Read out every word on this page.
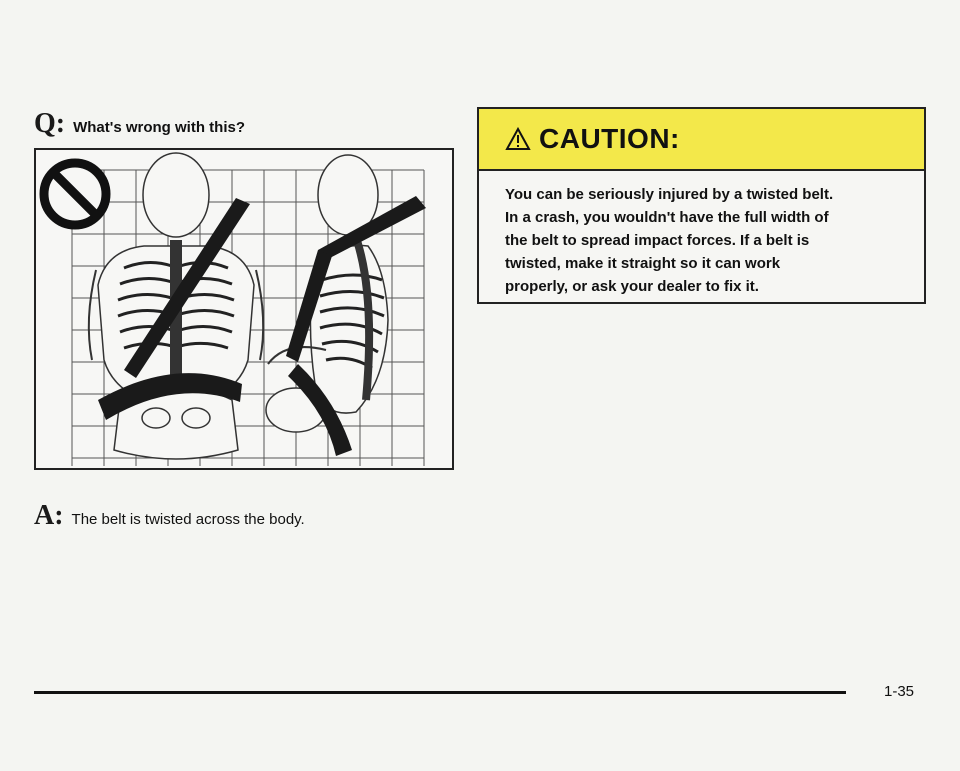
Q: What's wrong with this?
A: The belt is twisted across the body.
CAUTION:
You can be seriously injured by a twisted belt.
In a crash, you wouldn't have the full width of
the belt to spread impact forces. If a belt is
twisted, make it straight so it can work
properly, or ask your dealer to fix it.
1-35
